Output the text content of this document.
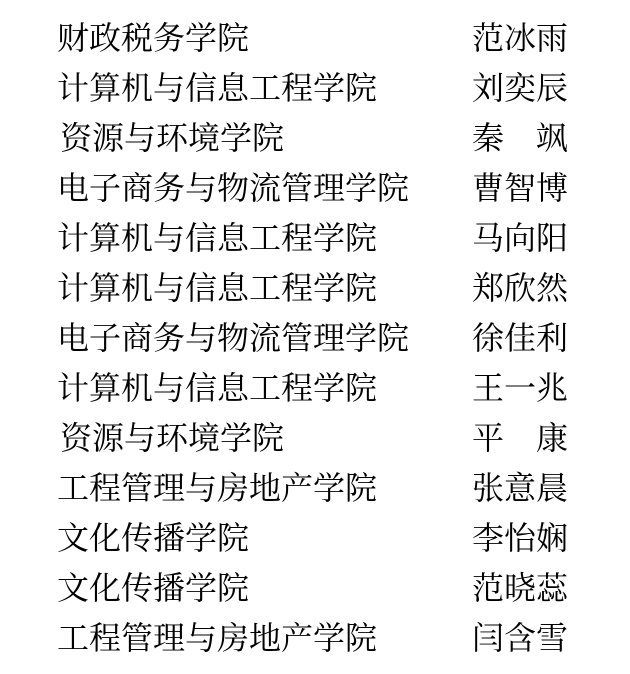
财政税务学院	范冰雨
计算机与信息工程学院	刘奕辰
资源与环境学院	秦　飒
电子商务与物流管理学院 曹智博
计算机与信息工程学院	马向阳
计算机与信息工程学院	郑欣然
电子商务与物流管理学院 徐佳利
计算机与信息工程学院	王一兆
资源与环境学院	平　康
工程管理与房地产学院	张意晨
文化传播学院	李怡娴
文化传播学院	范晓蕊
工程管理与房地产学院	闫含雪
